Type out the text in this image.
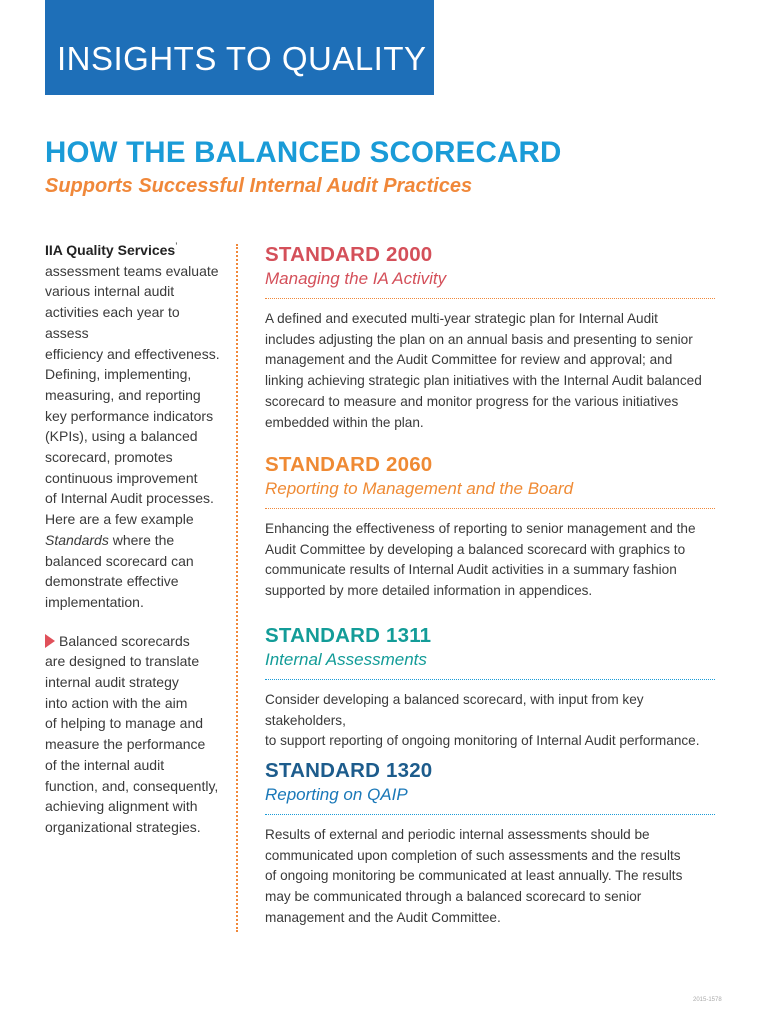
INSIGHTS TO QUALITY
HOW THE BALANCED SCORECARD
Supports Successful Internal Audit Practices

IIA Quality Services’
assessment teams evaluate
various internal audit
activities each year to assess
efficiency and effectiveness.
Defining, implementing,
measuring, and reporting
key performance indicators
(KPIs), using a balanced
scorecard, promotes
continuous improvement
of Internal Audit processes.
Here are a few example
Standards where the
balanced scorecard can
demonstrate effective
implementation.

Balanced scorecards
are designed to translate
internal audit strategy
into action with the aim
of helping to manage and
measure the performance
of the internal audit
function, and, consequently,
achieving alignment with
organizational strategies.

STANDARD 2000
Managing the IA Activity

A defined and executed multi-year strategic plan for Internal Audit
includes adjusting the plan on an annual basis and presenting to senior
management and the Audit Committee for review and approval; and
linking achieving strategic plan initiatives with the Internal Audit balanced
scorecard to measure and monitor progress for the various initiatives
embedded within the plan.

STANDARD 2060
Reporting to Management and the Board

Enhancing the effectiveness of reporting to senior management and the
Audit Committee by developing a balanced scorecard with graphics to
communicate results of Internal Audit activities in a summary fashion
supported by more detailed information in appendices.

STANDARD 1311
Internal Assessments

Consider developing a balanced scorecard, with input from key stakeholders,
to support reporting of ongoing monitoring of Internal Audit performance.

STANDARD 1320
Reporting on QAIP

Results of external and periodic internal assessments should be
communicated upon completion of such assessments and the results
of ongoing monitoring be communicated at least annually. The results
may be communicated through a balanced scorecard to senior
management and the Audit Committee.

2015-1578
